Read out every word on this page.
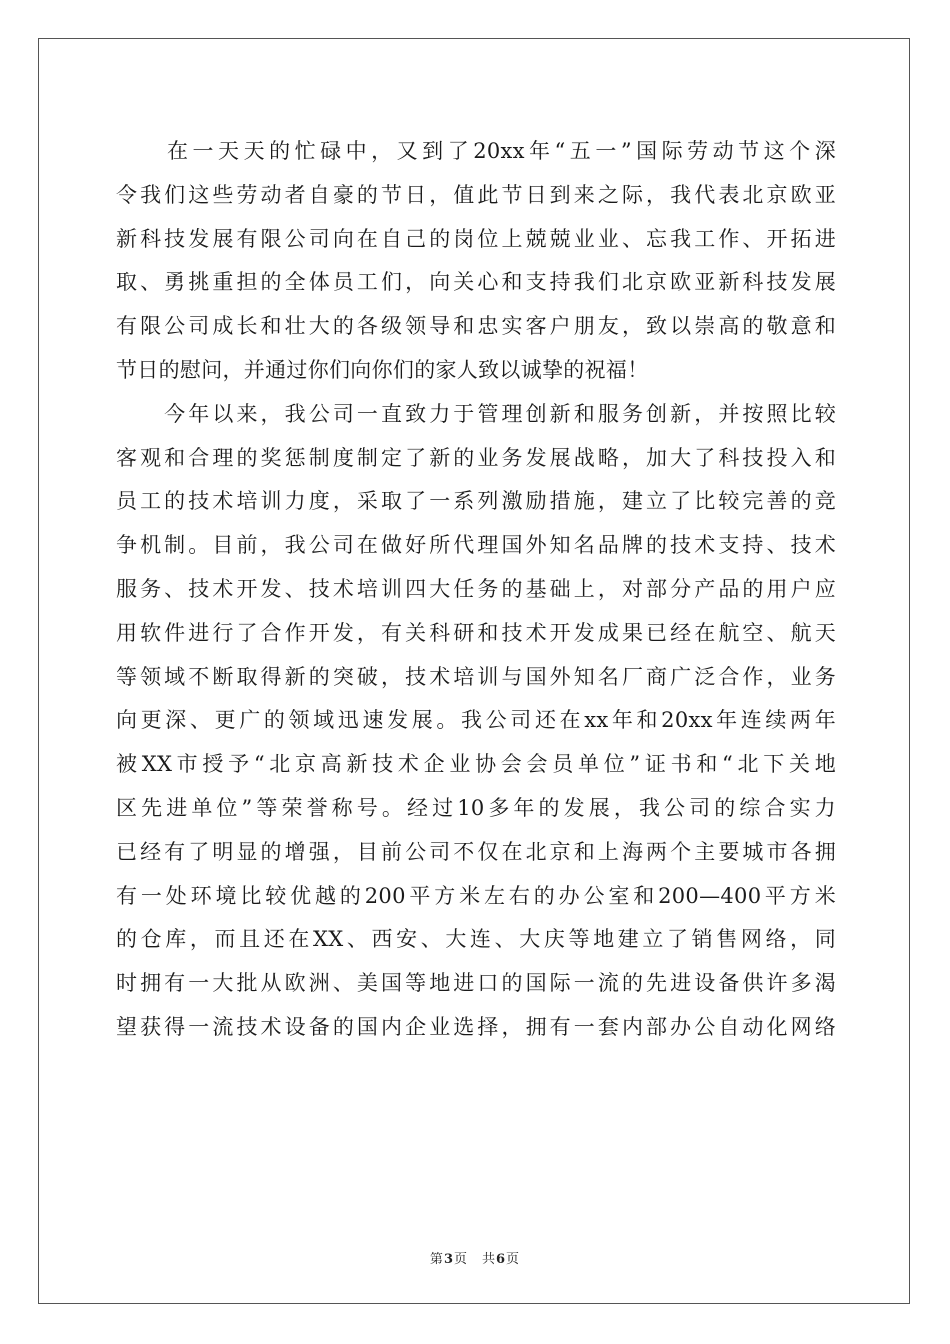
　　在一天天的忙碌中，又到了20xx年“五一”国际劳动节这个深
令我们这些劳动者自豪的节日，值此节日到来之际，我代表北京欧亚
新科技发展有限公司向在自己的岗位上兢兢业业、忘我工作、开拓进
取、勇挑重担的全体员工们，向关心和支持我们北京欧亚新科技发展
有限公司成长和壮大的各级领导和忠实客户朋友，致以崇高的敬意和
节日的慰问，并通过你们向你们的家人致以诚挚的祝福！
　　今年以来，我公司一直致力于管理创新和服务创新，并按照比较
客观和合理的奖惩制度制定了新的业务发展战略，加大了科技投入和
员工的技术培训力度，采取了一系列激励措施，建立了比较完善的竞
争机制。目前，我公司在做好所代理国外知名品牌的技术支持、技术
服务、技术开发、技术培训四大任务的基础上，对部分产品的用户应
用软件进行了合作开发，有关科研和技术开发成果已经在航空、航天
等领域不断取得新的突破，技术培训与国外知名厂商广泛合作，业务
向更深、更广的领域迅速发展。我公司还在xx年和20xx年连续两年
被XX市授予“北京高新技术企业协会会员单位”证书和“北下关地
区先进单位”等荣誉称号。经过10多年的发展，我公司的综合实力
已经有了明显的增强，目前公司不仅在北京和上海两个主要城市各拥
有一处环境比较优越的200平方米左右的办公室和200—400平方米
的仓库，而且还在XX、西安、大连、大庆等地建立了销售网络，同
时拥有一大批从欧洲、美国等地进口的国际一流的先进设备供许多渴
望获得一流技术设备的国内企业选择，拥有一套内部办公自动化网络
第3页　共6页
